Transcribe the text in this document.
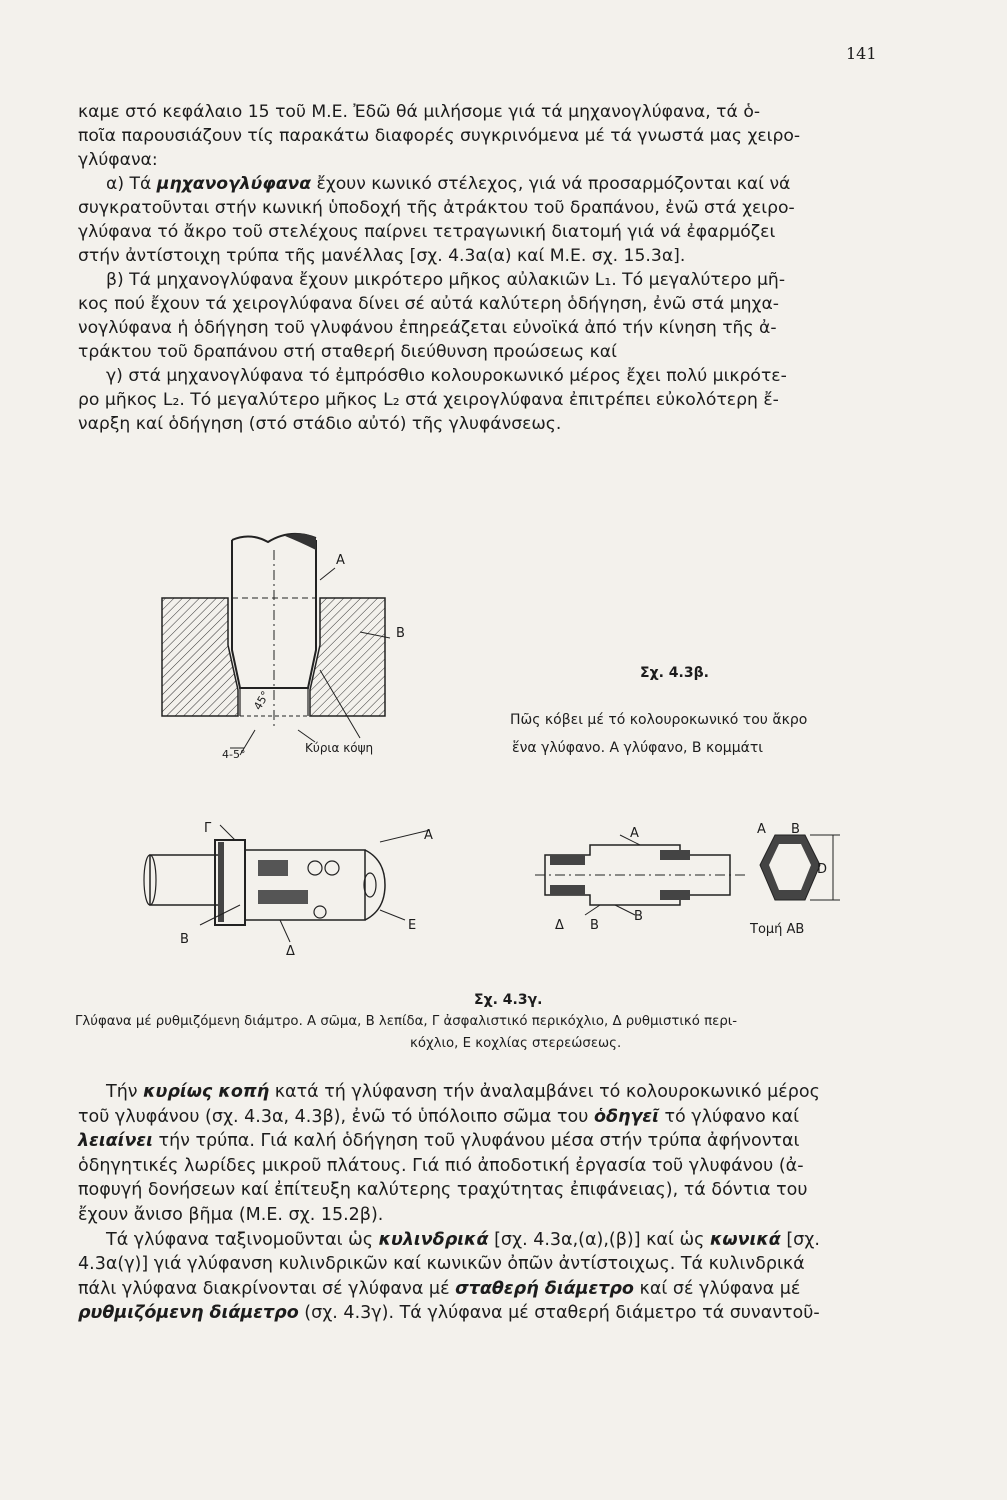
141
καμε στό κεφάλαιο 15 τοῦ Μ.Ε. Ἐδῶ θά μιλήσομε γιά τά μηχανογλύφανα, τά ὁ-
ποῖα παρουσιάζουν τίς παρακάτω διαφορές συγκρινόμενα μέ τά γνωστά μας χειρο-
γλύφανα:
α) Τά μηχανογλύφανα ἔχουν κωνικό στέλεχος, γιά νά προσαρμόζονται καί νά
συγκρατοῦνται στήν κωνική ὑποδοχή τῆς ἀτράκτου τοῦ δραπάνου, ἐνῶ στά χειρο-
γλύφανα τό ἄκρο τοῦ στελέχους παίρνει τετραγωνική διατομή γιά νά ἐφαρμόζει
στήν ἀντίστοιχη τρύπα τῆς μανέλλας [σχ. 4.3α(α) καί Μ.Ε. σχ. 15.3α].
β) Τά μηχανογλύφανα ἔχουν μικρότερο μῆκος αὐλακιῶν L₁. Τό μεγαλύτερο μῆ-
κος πού ἔχουν τά χειρογλύφανα δίνει σέ αὐτά καλύτερη ὁδήγηση, ἐνῶ στά μηχα-
νογλύφανα ἡ ὁδήγηση τοῦ γλυφάνου ἐπηρεάζεται εὐνοϊκά ἀπό τήν κίνηση τῆς ἀ-
τράκτου τοῦ δραπάνου στή σταθερή διεύθυνση προώσεως καί
γ) στά μηχανογλύφανα τό ἐμπρόσθιο κολουροκωνικό μέρος ἔχει πολύ μικρότε-
ρο μῆκος L₂. Τό μεγαλύτερο μῆκος L₂ στά χειρογλύφανα ἐπιτρέπει εὐκολότερη ἔ-
ναρξη καί ὁδήγηση (στό στάδιο αὐτό) τῆς γλυφάνσεως.
Α
Β
45°
4-5°	Κύρια κόψη
Σχ. 4.3β.
Πῶς κόβει μέ τό κολουροκωνικό του ἄκρο
ἕνα γλύφανο. Α γλύφανο, Β κομμάτι
Γ	Α
Β
Ε
Δ
Α
Δ Β
Β
Α Β
D
Τομή ΑΒ
Σχ. 4.3γ.
Γλύφανα μέ ρυθμιζόμενη διάμτρο. Α σῶμα, Β λεπίδα, Γ ἀσφαλιστικό περικόχλιο, Δ ρυθμιστικό περι-
κόχλιο, Ε κοχλίας στερεώσεως.
Τήν κυρίως κοπή κατά τή γλύφανση τήν ἀναλαμβάνει τό κολουροκωνικό μέρος
τοῦ γλυφάνου (σχ. 4.3α, 4.3β), ἐνῶ τό ὑπόλοιπο σῶμα του ὁδηγεῖ τό γλύφανο καί
λειαίνει τήν τρύπα. Γιά καλή ὁδήγηση τοῦ γλυφάνου μέσα στήν τρύπα ἀφήνονται
ὁδηγητικές λωρίδες μικροῦ πλάτους. Γιά πιό ἀποδοτική ἐργασία τοῦ γλυφάνου (ἀ-
ποφυγή δονήσεων καί ἐπίτευξη καλύτερης τραχύτητας ἐπιφάνειας), τά δόντια του
ἔχουν ἄνισο βῆμα (Μ.Ε. σχ. 15.2β).
Τά γλύφανα ταξινομοῦνται ὡς κυλινδρικά [σχ. 4.3α,(α),(β)] καί ὡς κωνικά [σχ.
4.3α(γ)] γιά γλύφανση κυλινδρικῶν καί κωνικῶν ὀπῶν ἀντίστοιχως. Τά κυλινδρικά
πάλι γλύφανα διακρίνονται σέ γλύφανα μέ σταθερή διάμετρο καί σέ γλύφανα μέ
ρυθμιζόμενη διάμετρο (σχ. 4.3γ). Τά γλύφανα μέ σταθερή διάμετρο τά συναντοῦ-
